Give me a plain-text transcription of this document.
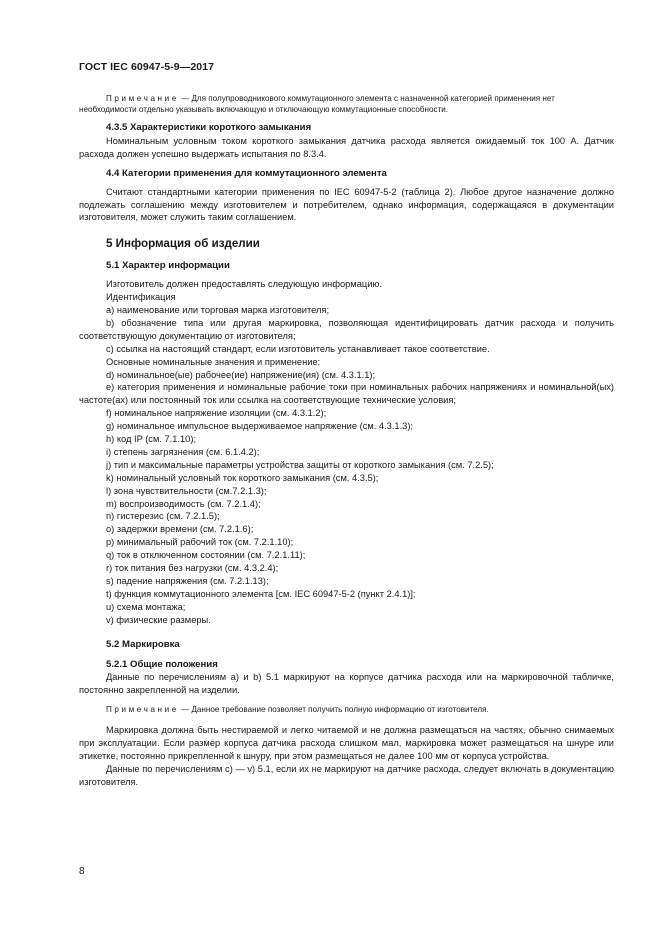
ГОСТ IEC 60947-5-9—2017

Примечание — Для полупроводникового коммутационного элемента с назначенной категорией применения нет необходимости отдельно указывать включающую и отключающую коммутационные способности.

4.3.5 Характеристики короткого замыкания

Номинальным условным током короткого замыкания датчика расхода является ожидаемый ток 100 А. Датчик расхода должен успешно выдержать испытания по 8.3.4.

4.4 Категории применения для коммутационного элемента

Считают стандартными категории применения по IEC 60947-5-2 (таблица 2). Любое другое назначение должно подлежать соглашению между изготовителем и потребителем, однако информация, содержащаяся в документации изготовителя, может служить таким соглашением.

5 Информация об изделии
5.1 Характер информации

Изготовитель должен предоставлять следующую информацию.

Идентификация

a) наименование или торговая марка изготовителя;

b) обозначение типа или другая маркировка, позволяющая идентифицировать датчик расхода и получить соответствующую документацию от изготовителя;

c) ссылка на настоящий стандарт, если изготовитель устанавливает такое соответствие.

Основные номинальные значения и применение:

d) номинальное(ые) рабочее(ие) напряжение(ия) (см. 4.3.1.1);

e) категория применения и номинальные рабочие токи при номинальных рабочих напряжениях и номинальной(ых) частоте(ах) или постоянный ток или ссылка на соответствующие технические условия;

f) номинальное напряжение изоляции (см. 4.3.1.2);

g) номинальное импульсное выдерживаемое напряжение (см. 4.3.1.3);

h) код IP (см. 7.1.10);

i) степень загрязнения (см. 6.1.4.2);

j) тип и максимальные параметры устройства защиты от короткого замыкания (см. 7.2.5);

k) номинальный условный ток короткого замыкания (см. 4.3.5);

l) зона чувствительности (см.7.2.1.3);

m) воспроизводимость (см. 7.2.1.4);

n) гистерезис (см. 7.2.1.5);

o) задержки времени (см. 7.2.1.6);

p) минимальный рабочий ток (см. 7.2.1.10);

q) ток в отключенном состоянии (см. 7.2.1.11);

r) ток питания без нагрузки (см. 4.3.2.4);

s) падение напряжения (см. 7.2.1.13);

t) функция коммутационного элемента [см. IEC 60947-5-2 (пункт 2.4.1)];

u) схема монтажа;

v) физические размеры.

5.2 Маркировка
5.2.1 Общие положения

Данные по перечислениям a) и b) 5.1 маркируют на корпусе датчика расхода или на маркировочной табличке, постоянно закрепленной на изделии.

Примечание — Данное требование позволяет получить полную информацию от изготовителя.

Маркировка должна быть нестираемой и легко читаемой и не должна размещаться на частях, обычно снимаемых при эксплуатации. Если размер корпуса датчика расхода слишком мал, маркировка может размещаться на шнуре или этикетке, постоянно прикрепленной к шнуру, при этом размещаться не далее 100 мм от корпуса устройства.

Данные по перечислениям c) — v) 5.1, если их не маркируют на датчике расхода, следует включать в документацию изготовителя.

8
